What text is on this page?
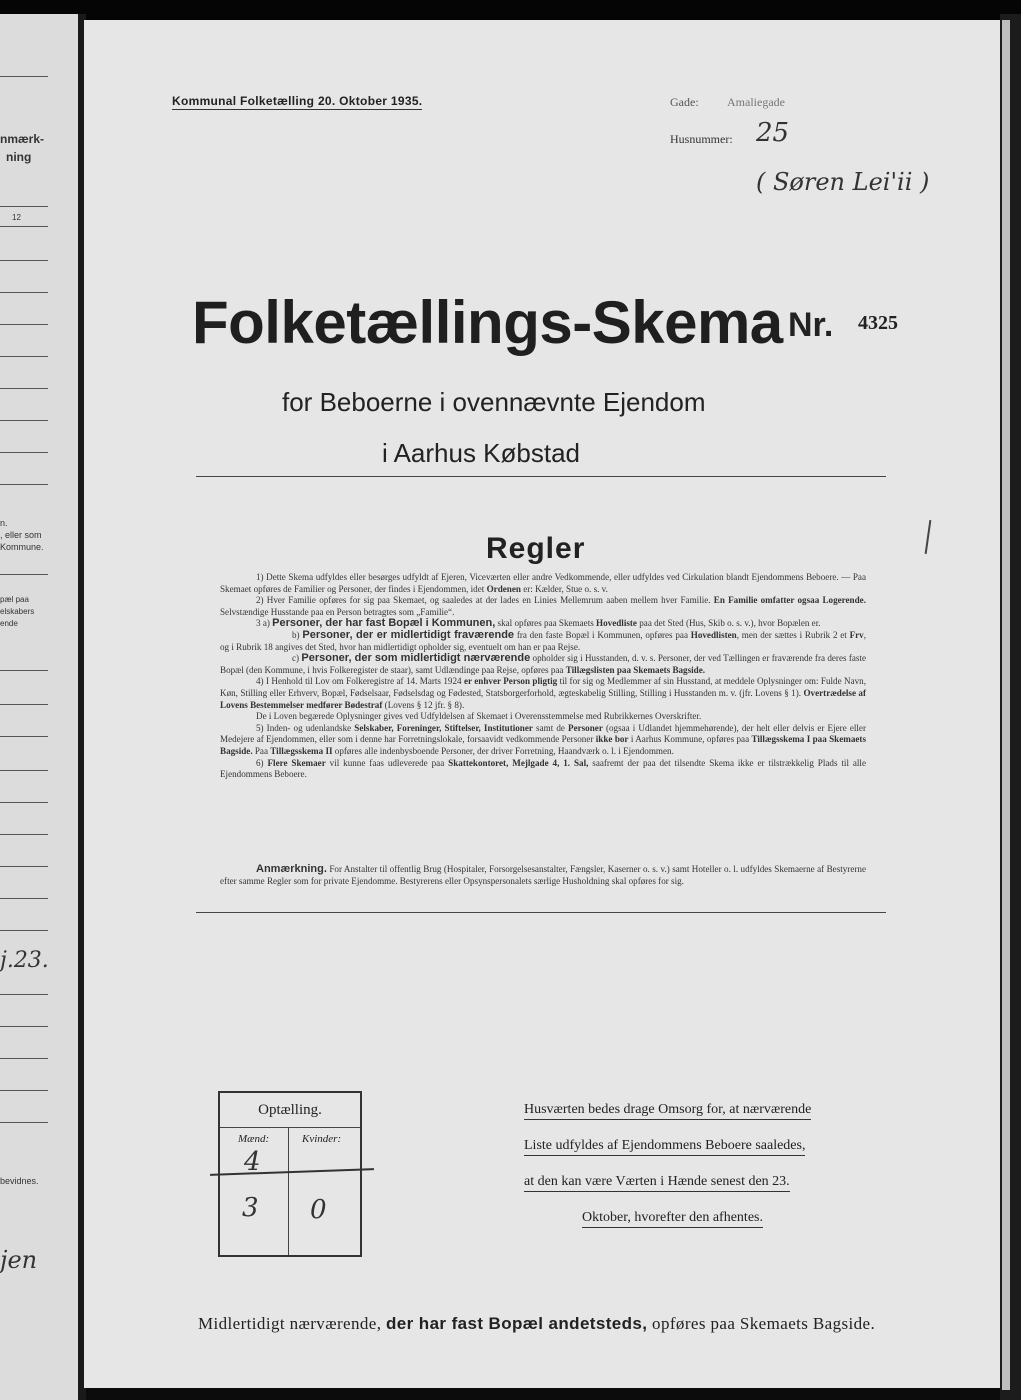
nmærk-
ning
12
n.
, eller som
Kommune.
pæl paa
elskabers
ende
j.23.
bevidnes.
jen
Kommunal Folketælling 20. Oktober 1935.	Gade: Amaliegade
Husnummer: 25
( Søren Lei'ii )
Folketællings-Skema Nr. 4325
for Beboerne i ovennævnte Ejendom
i Aarhus Købstad
Regler

1) Dette Skema udfyldes eller besørges udfyldt af Ejeren, Viceværten eller andre Vedkommende, eller udfyldes ved Cirkulation blandt Ejendommens Beboere. — Paa Skemaet opføres de Familier og Personer, der findes i Ejendommen, idet Ordenen er: Kælder, Stue o. s. v.

2) Hver Familie opføres for sig paa Skemaet, og saaledes at der lades en Linies Mellemrum aaben mellem hver Familie. En Familie omfatter ogsaa Logerende. Selvstændige Husstande paa en Person betragtes som „Familie“.

3 a) Personer, der har fast Bopæl i Kommunen, skal opføres paa Skemaets Hovedliste paa det Sted (Hus, Skib o. s. v.), hvor Bopælen er.

b) Personer, der er midlertidigt fraværende fra den faste Bopæl i Kommunen, opføres paa Hovedlisten, men der sættes i Rubrik 2 et Frv, og i Rubrik 18 angives det Sted, hvor han midlertidigt opholder sig, eventuelt om han er paa Rejse.

c) Personer, der som midlertidigt nærværende opholder sig i Husstanden, d. v. s. Personer, der ved Tællingen er fraværende fra deres faste Bopæl (den Kommune, i hvis Folkeregister de staar), samt Udlændinge paa Rejse, opføres paa Tillægslisten paa Skemaets Bagside.

4) I Henhold til Lov om Folkeregistre af 14. Marts 1924 er enhver Person pligtig til for sig og Medlemmer af sin Husstand, at meddele Oplysninger om: Fulde Navn, Køn, Stilling eller Erhverv, Bopæl, Fødselsaar, Fødselsdag og Fødested, Statsborgerforhold, ægteskabelig Stilling, Stilling i Husstanden m. v. (jfr. Lovens § 1). Overtrædelse af Lovens Bestemmelser medfører Bødestraf (Lovens § 12 jfr. § 8).

De i Loven begærede Oplysninger gives ved Udfyldelsen af Skemaet i Overensstemmelse med Rubrikkernes Overskrifter.

5) Inden- og udenlandske Selskaber, Foreninger, Stiftelser, Institutioner samt de Personer (ogsaa i Udlandet hjemmehørende), der helt eller delvis er Ejere eller Medejere af Ejendommen, eller som i denne har Forretningslokale, forsaavidt vedkommende Personer ikke bor i Aarhus Kommune, opføres paa Tillægsskema I paa Skemaets Bagside. Paa Tillægsskema II opføres alle indenbysboende Personer, der driver Forretning, Haandværk o. l. i Ejendommen.

6) Flere Skemaer vil kunne faas udleverede paa Skattekontoret, Mejlgade 4, 1. Sal, saafremt der paa det tilsendte Skema ikke er tilstrækkelig Plads til alle Ejendommens Beboere.

Anmærkning. For Anstalter til offentlig Brug (Hospitaler, Forsorgelsesanstalter, Fængsler, Kaserner o. s. v.) samt Hoteller o. l. udfyldes Skemaerne af Bestyrerne efter samme Regler som for private Ejendomme. Bestyrerens eller Opsynspersonalets særlige Husholdning skal opføres for sig.

Optælling.
Mænd:	Kvinder:
4
3 0
Husværten bedes drage Omsorg for, at nærværende
Liste udfyldes af Ejendommens Beboere saaledes,
at den kan være Værten i Hænde senest den 23.
Oktober, hvorefter den afhentes.
Midlertidigt nærværende, der har fast Bopæl andetsteds, opføres paa Skemaets Bagside.
